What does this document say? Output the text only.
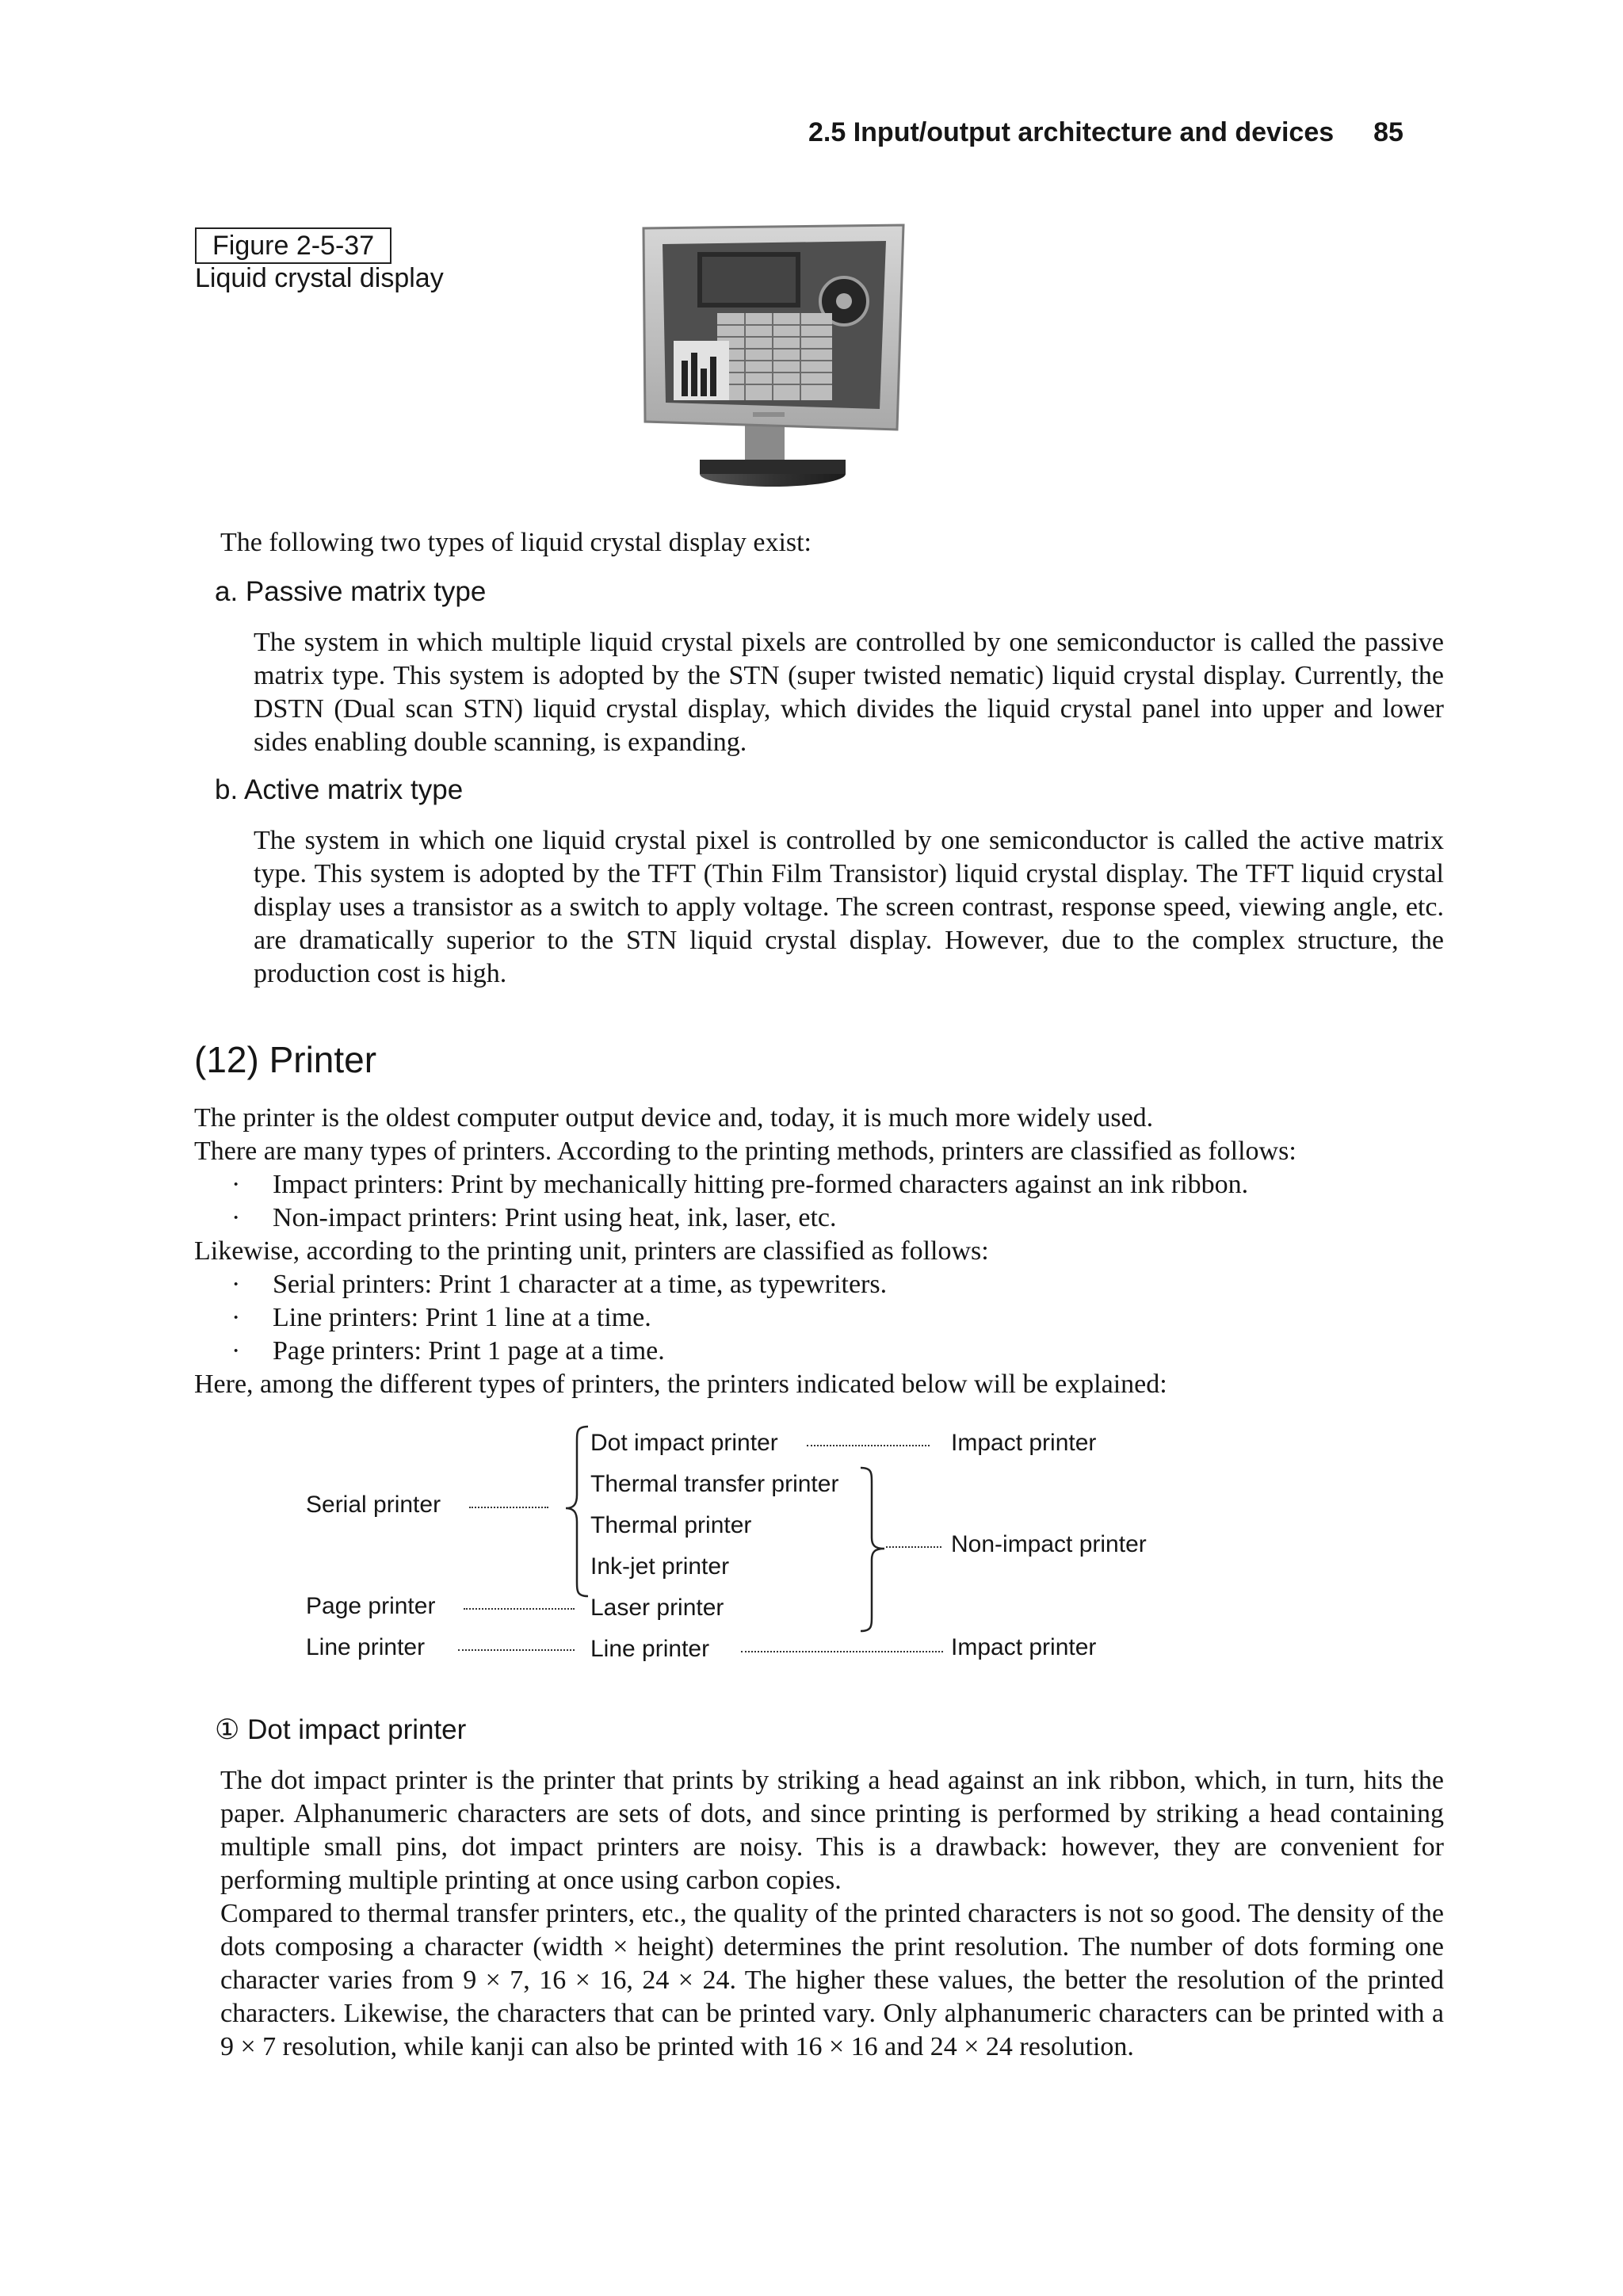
2.5 Input/output architecture and devices 85
Figure 2-5-37
Liquid crystal display
The following two types of liquid crystal display exist:
a. Passive matrix type
The system in which multiple liquid crystal pixels are controlled by one semiconductor is called the passive matrix type. This system is adopted by the STN (super twisted nematic) liquid crystal display. Currently, the DSTN (Dual scan STN) liquid crystal display, which divides the liquid crystal panel into upper and lower sides enabling double scanning, is expanding.
b. Active matrix type
The system in which one liquid crystal pixel is controlled by one semiconductor is called the active matrix type. This system is adopted by the TFT (Thin Film Transistor) liquid crystal display. The TFT liquid crystal display uses a transistor as a switch to apply voltage. The screen contrast, response speed, viewing angle, etc. are dramatically superior to the STN liquid crystal display. However, due to the complex structure, the production cost is high.
(12) Printer
The printer is the oldest computer output device and, today, it is much more widely used.
There are many types of printers. According to the printing methods, printers are classified as follows:
· Impact printers: Print by mechanically hitting pre-formed characters against an ink ribbon.
· Non-impact printers: Print using heat, ink, laser, etc.
Likewise, according to the printing unit, printers are classified as follows:
· Serial printers: Print 1 character at a time, as typewriters.
· Line printers: Print 1 line at a time.
· Page printers: Print 1 page at a time.
Here, among the different types of printers, the printers indicated below will be explained:
Serial printer
Page printer
Line printer
Dot impact printer
Thermal transfer printer
Thermal printer
Ink-jet printer
Laser printer
Line printer
Impact printer
Non-impact printer
Impact printer
① Dot impact printer
The dot impact printer is the printer that prints by striking a head against an ink ribbon, which, in turn, hits the paper. Alphanumeric characters are sets of dots, and since printing is performed by striking a head containing multiple small pins, dot impact printers are noisy. This is a drawback: however, they are convenient for performing multiple printing at once using carbon copies.
Compared to thermal transfer printers, etc., the quality of the printed characters is not so good. The density of the dots composing a character (width × height) determines the print resolution. The number of dots forming one character varies from 9 × 7, 16 × 16, 24 × 24. The higher these values, the better the resolution of the printed characters. Likewise, the characters that can be printed vary. Only alphanumeric characters can be printed with a 9 × 7 resolution, while kanji can also be printed with 16 × 16 and 24 × 24 resolution.
